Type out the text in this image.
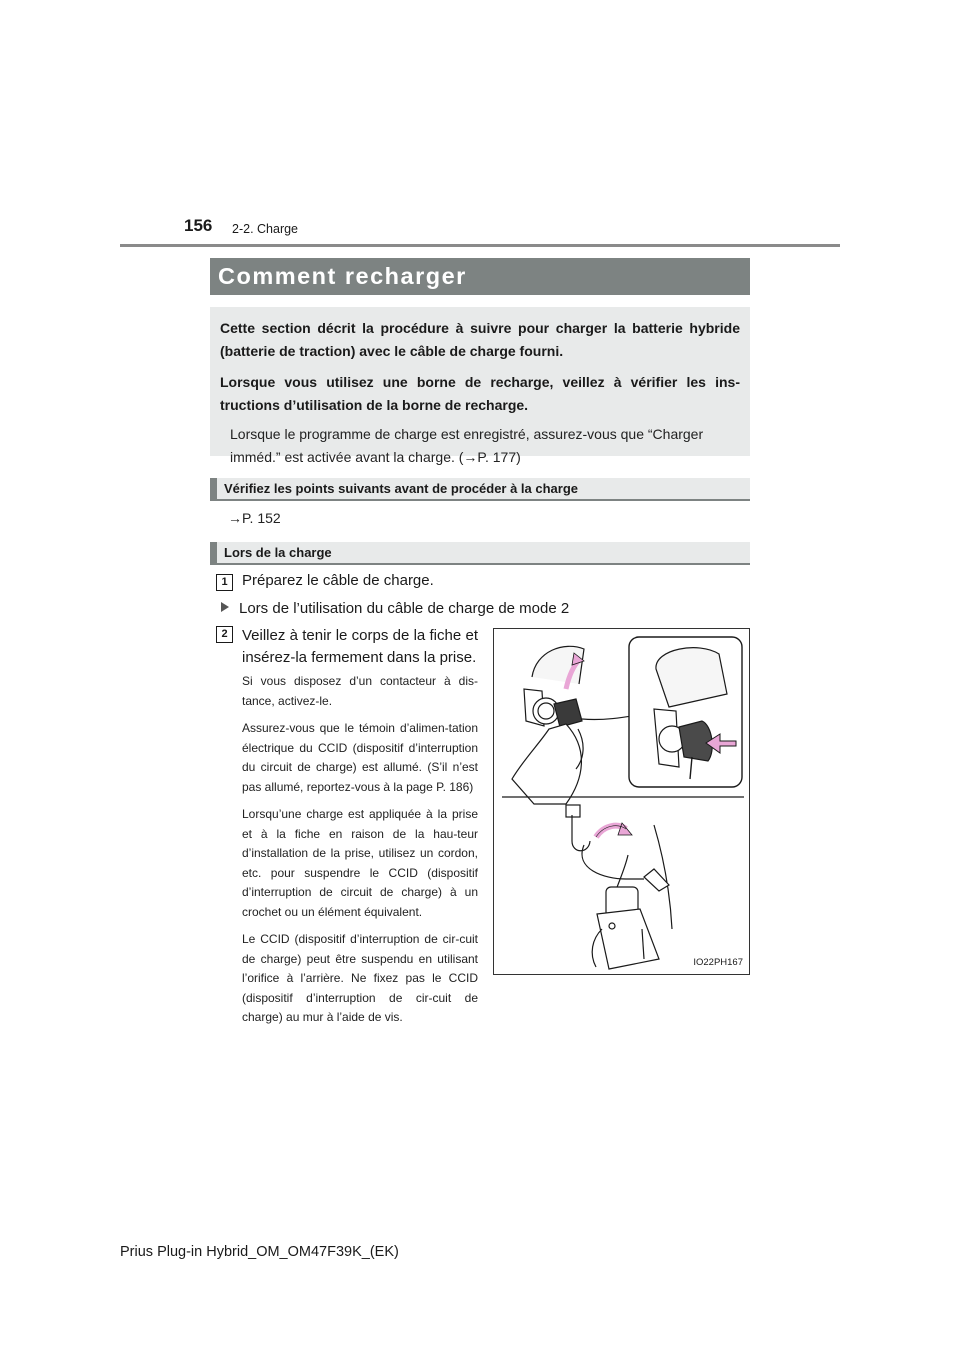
156 2-2. Charge
Comment recharger
Cette section décrit la procédure à suivre pour charger la batterie hybride (batterie de traction) avec le câble de charge fourni.
Lorsque vous utilisez une borne de recharge, veillez à vérifier les ins-tructions d’utilisation de la borne de recharge.
Lorsque le programme de charge est enregistré, assurez-vous que “Charger imméd.” est activée avant la charge. (→P. 177)
Vérifiez les points suivants avant de procéder à la charge
→P. 152
Lors de la charge
1 Préparez le câble de charge.
Lors de l’utilisation du câble de charge de mode 2
2 Veillez à tenir le corps de la fiche et insérez-la fermement dans la prise.
Si vous disposez d’un contacteur à dis-tance, activez-le.
Assurez-vous que le témoin d’alimen-tation électrique du CCID (dispositif d’interruption du circuit de charge) est allumé. (S’il n’est pas allumé, reportez-vous à la page P. 186)
Lorsqu’une charge est appliquée à la prise et à la fiche en raison de la hau-teur d’installation de la prise, utilisez un cordon, etc. pour suspendre le CCID (dispositif d’interruption de circuit de charge) à un crochet ou un élément équivalent.
Le CCID (dispositif d’interruption de cir-cuit de charge) peut être suspendu en utilisant l’orifice à l’arrière. Ne fixez pas le CCID (dispositif d’interruption de cir-cuit de charge) au mur à l’aide de vis.
IO22PH167
Prius Plug-in Hybrid_OM_OM47F39K_(EK)
